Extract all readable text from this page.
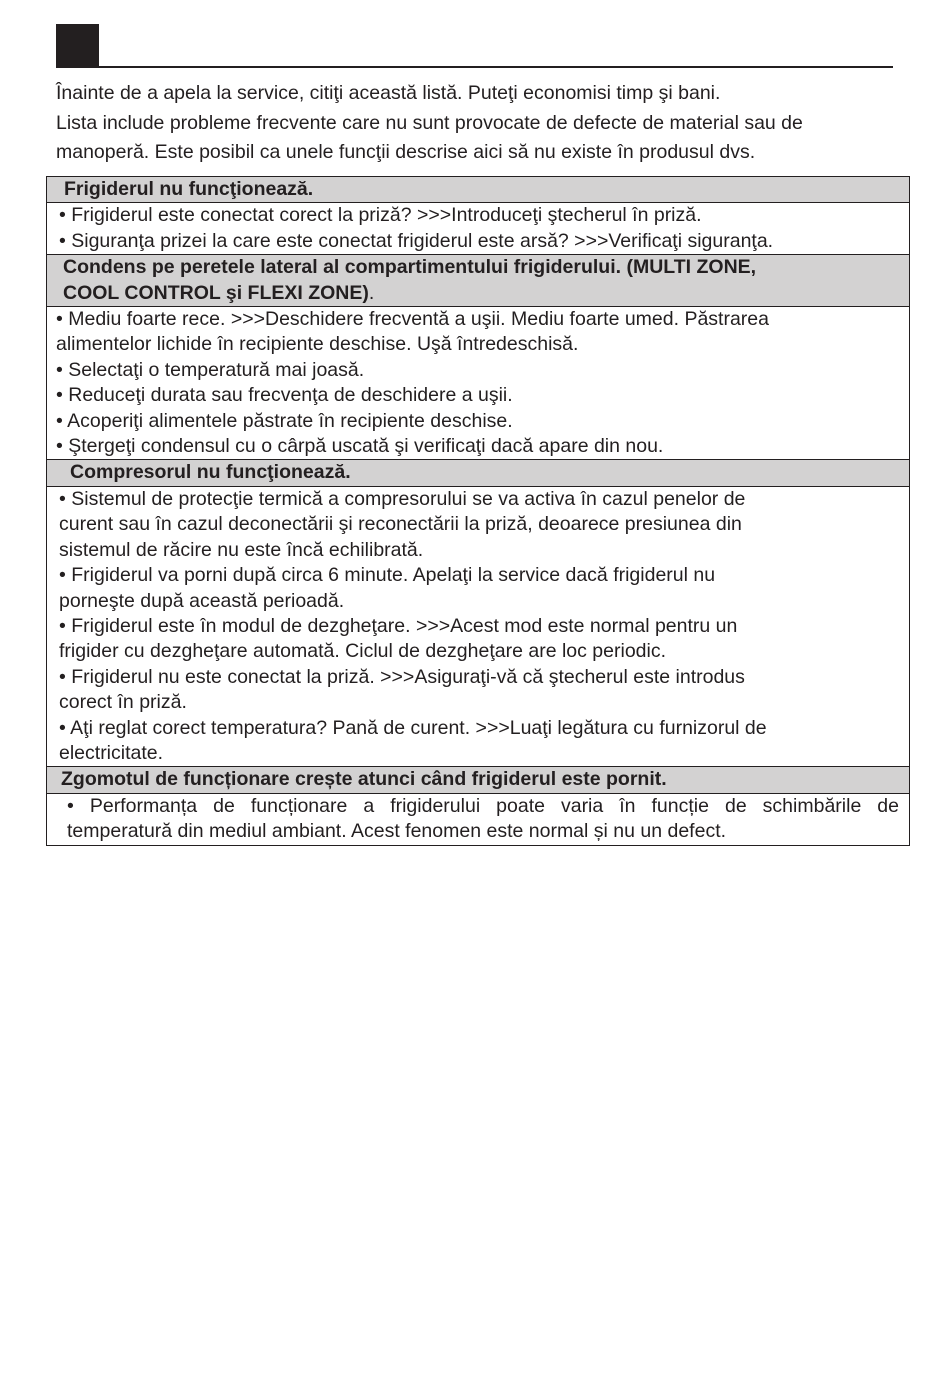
Înainte de a apela la service, citiţi această listă. Puteţi economisi timp şi bani.

Lista include probleme frecvente care nu sunt provocate de defecte de material sau de

manoperă. Este posibil ca unele funcţii descrise aici să nu existe în produsul dvs.

Frigiderul nu funcţionează.

• Frigiderul este conectat corect la priză? >>>Introduceţi ştecherul în priză.
• Siguranţa prizei la care este conectat frigiderul este arsă? >>>Verificaţi siguranţa.

Condens pe peretele lateral al compartimentului frigiderului. (MULTI ZONE,
COOL CONTROL şi FLEXI ZONE).

• Mediu foarte rece. >>>Deschidere frecventă a uşii. Mediu foarte umed. Păstrarea
alimentelor lichide în recipiente deschise. Uşă întredeschisă.
• Selectaţi o temperatură mai joasă.
• Reduceţi durata sau frecvenţa de deschidere a uşii.
• Acoperiţi alimentele păstrate în recipiente deschise.
• Ştergeţi condensul cu o cârpă uscată şi verificaţi dacă apare din nou.

Compresorul nu funcţionează.

• Sistemul de protecţie termică a compresorului se va activa în cazul penelor de
curent sau în cazul deconectării şi reconectării la priză, deoarece presiunea din
sistemul de răcire nu este încă echilibrată.
• Frigiderul va porni după circa 6 minute. Apelaţi la service dacă frigiderul nu
porneşte după această perioadă.
• Frigiderul este în modul de dezgheţare. >>>Acest mod este normal pentru un
frigider cu dezgheţare automată. Ciclul de dezgheţare are loc periodic.
• Frigiderul nu este conectat la priză. >>>Asiguraţi-vă că ştecherul este introdus
corect în priză.
• Aţi reglat corect temperatura? Pană de curent. >>>Luaţi legătura cu furnizorul de
electricitate.

Zgomotul de funcționare crește atunci când frigiderul este pornit.

• Performanța de funcționare a frigiderului poate varia în funcție de schimbările de
temperatură din mediul ambiant. Acest fenomen este normal și nu un defect.
